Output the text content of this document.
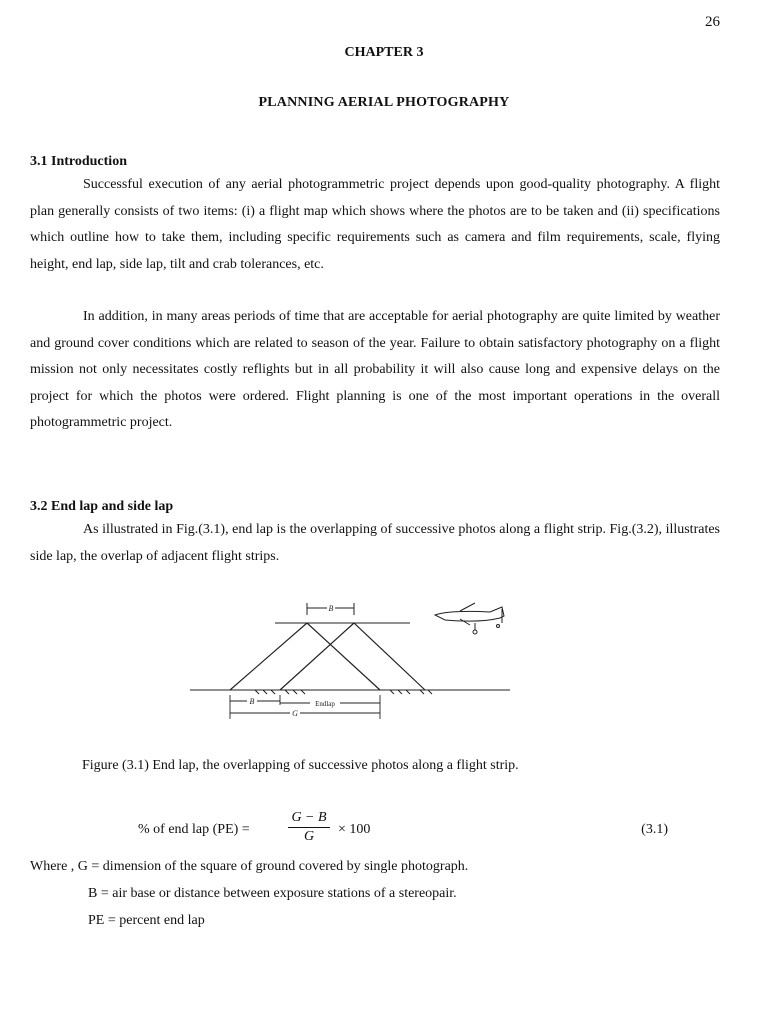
26
CHAPTER 3
PLANNING AERIAL PHOTOGRAPHY
3.1 Introduction

Successful execution of any aerial photogrammetric project depends upon good-quality photography. A flight plan generally consists of two items: (i) a flight map which shows where the photos are to be taken and (ii) specifications which outline how to take them, including specific requirements such as camera and film requirements, scale, flying height, end lap, side lap, tilt and crab tolerances, etc.

In addition, in many areas periods of time that are acceptable for aerial photography are quite limited by weather and ground cover conditions which are related to season of the year. Failure to obtain satisfactory photography on a flight mission not only necessitates costly reflights but in all probability it will also cause long and expensive delays on the project for which the photos were ordered. Flight planning is one of the most important operations in the overall photogrammetric project.

3.2 End lap and side lap

As illustrated in Fig.(3.1), end lap is the overlapping of successive photos along a flight strip. Fig.(3.2), illustrates side lap, the overlap of adjacent flight strips.

B
B	Endlap
G
Figure (3.1) End lap, the overlapping of successive photos along a flight strip.
% of end lap (PE) =	$\frac{G - B}{G} \times 100$	(3.1)
Where , G = dimension of the square of ground covered by single photograph.
B = air base or distance between exposure stations of a stereopair.
PE = percent end lap
